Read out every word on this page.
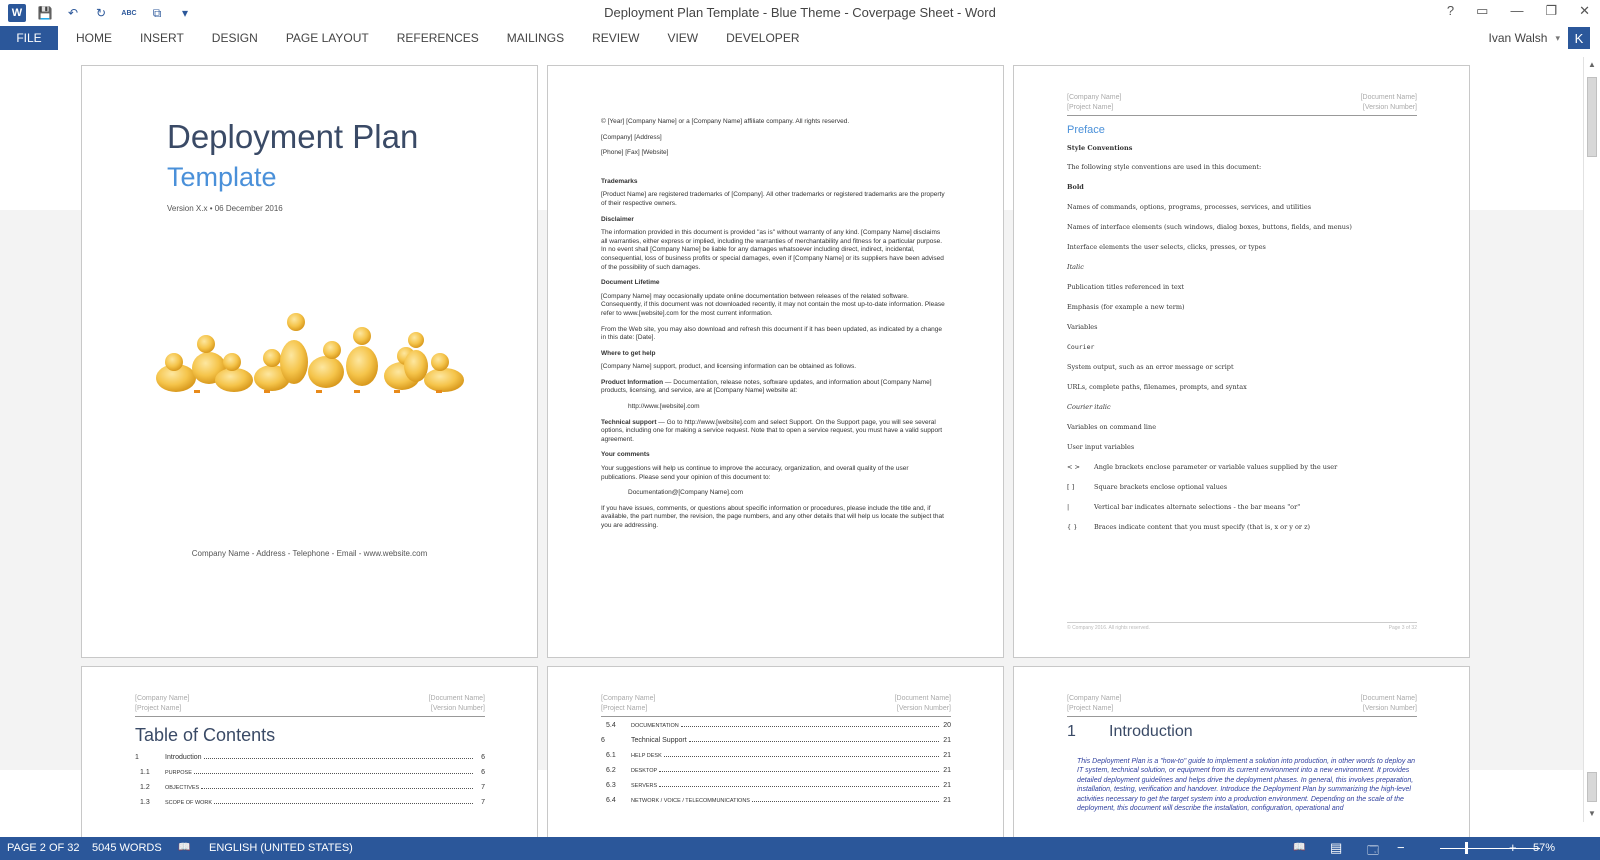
W	💾	↶	↻	ABC	⧉	▾	Deployment Plan Template - Blue Theme - Coverpage Sheet - Word	? ▭ — ❐ ✕
FILE	HOME	INSERT	DESIGN	PAGE LAYOUT	REFERENCES	MAILINGS	REVIEW	VIEW	DEVELOPER	Ivan Walsh ▾	K
Deployment Plan
Template
Version X.x • 06 December 2016
Company Name - Address - Telephone - Email - www.website.com
© [Year] [Company Name] or a [Company Name] affiliate company. All rights reserved.
[Company] [Address]
[Phone] [Fax] [Website]
Trademarks
[Product Name] are registered trademarks of [Company]. All other trademarks or registered trademarks are the property of their respective owners.
Disclaimer
The information provided in this document is provided "as is" without warranty of any kind. [Company Name] disclaims all warranties, either express or implied, including the warranties of merchantability and fitness for a particular purpose. In no event shall [Company Name] be liable for any damages whatsoever including direct, indirect, incidental, consequential, loss of business profits or special damages, even if [Company Name] or its suppliers have been advised of the possibility of such damages.
Document Lifetime
[Company Name] may occasionally update online documentation between releases of the related software. Consequently, if this document was not downloaded recently, it may not contain the most up-to-date information. Please refer to www.[website].com for the most current information.
From the Web site, you may also download and refresh this document if it has been updated, as indicated by a change in this date: [Date].
Where to get help
[Company Name] support, product, and licensing information can be obtained as follows.
Product Information — Documentation, release notes, software updates, and information about [Company Name] products, licensing, and service, are at [Company Name] website at:
http://www.[website].com
Technical support — Go to http://www.[website].com and select Support. On the Support page, you will see several options, including one for making a service request. Note that to open a service request, you must have a valid support agreement.
Your comments
Your suggestions will help us continue to improve the accuracy, organization, and overall quality of the user publications. Please send your opinion of this document to:
Documentation@[Company Name].com
If you have issues, comments, or questions about specific information or procedures, please include the title and, if available, the part number, the revision, the page numbers, and any other details that will help us locate the subject that you are addressing.
[Company Name]
[Project Name]
[Document Name]
[Version Number]
Preface
Style Conventions
The following style conventions are used in this document:
Bold
Names of commands, options, programs, processes, services, and utilities
Names of interface elements (such windows, dialog boxes, buttons, fields, and menus)
Interface elements the user selects, clicks, presses, or types
Italic
Publication titles referenced in text
Emphasis (for example a new term)
Variables
Courier
System output, such as an error message or script
URLs, complete paths, filenames, prompts, and syntax
Courier italic
Variables on command line
User input variables
< > Angle brackets enclose parameter or variable values supplied by the user
[ ]	Square brackets enclose optional values
|	Vertical bar indicates alternate selections - the bar means "or"
{ }	Braces indicate content that you must specify (that is, x or y or z)
© Company 2016. All rights reserved.	Page 3 of 32
[Company Name]
[Project Name]
[Document Name]
[Version Number]
Table of Contents
1	Introduction	6
1.1	PURPOSE	6
1.2	OBJECTIVES	7
1.3	SCOPE OF WORK	7
[Company Name]
[Project Name]
[Document Name]
[Version Number]
5.4	DOCUMENTATION	20
6	Technical Support	21
6.1	HELP DESK	21
6.2	DESKTOP	21
6.3	SERVERS	21
6.4	NETWORK / VOICE / TELECOMMUNICATIONS	21
[Company Name]
[Project Name]
[Document Name]
[Version Number]
1 Introduction
This Deployment Plan is a "how-to" guide to implement a solution into production, in other words to deploy an IT system, technical solution, or equipment from its current environment into a new environment. It provides detailed deployment guidelines and helps drive the deployment phases. In general, this involves preparation, installation, testing, verification and handover. Introduce the Deployment Plan by summarizing the high-level activities necessary to get the target system into a production environment. Depending on the scale of the deployment, this document will describe the installation, configuration, operational and
▲
▼
PAGE 2 OF 32 5045 WORDS 📖 ENGLISH (UNITED STATES)	📖 ▤ 🗔 −	+ 57%
